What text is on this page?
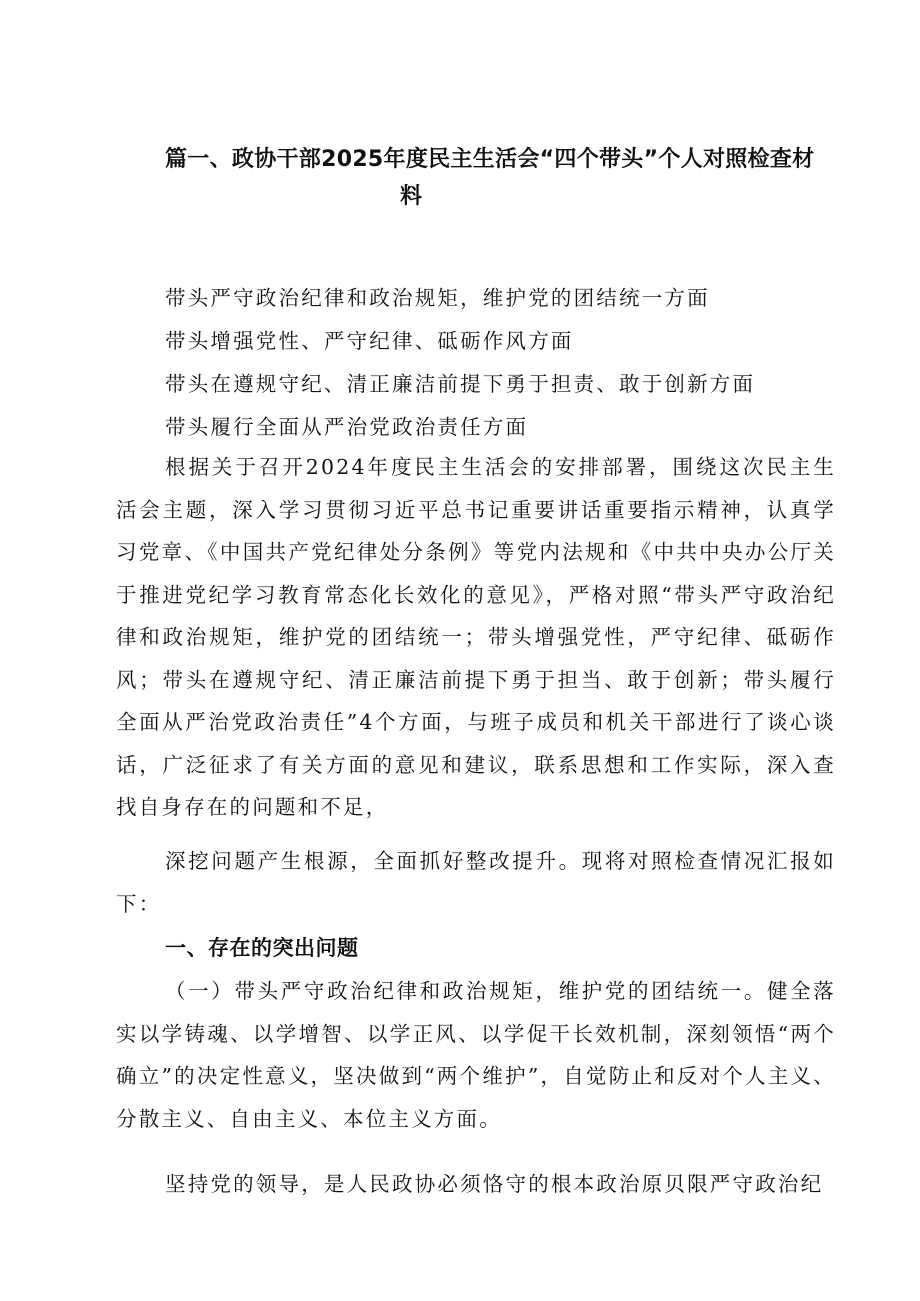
篇一、政协干部2025年度民主生活会“四个带头”个人对照检查材
料
带头严守政治纪律和政治规矩，维护党的团结统一方面
带头增强党性、严守纪律、砥砺作风方面
带头在遵规守纪、清正廉洁前提下勇于担责、敢于创新方面
带头履行全面从严治党政治责任方面

根据关于召开2024年度民主生活会的安排部署，围绕这次民主生活会主题，深入学习贯彻习近平总书记重要讲话重要指示精神，认真学习党章、《中国共产党纪律处分条例》等党内法规和《中共中央办公厅关于推进党纪学习教育常态化长效化的意见》，严格对照“带头严守政治纪律和政治规矩，维护党的团结统一；带头增强党性，严守纪律、砥砺作风；带头在遵规守纪、清正廉洁前提下勇于担当、敢于创新；带头履行全面从严治党政治责任”4个方面，与班子成员和机关干部进行了谈心谈话，广泛征求了有关方面的意见和建议，联系思想和工作实际，深入查找自身存在的问题和不足，

深挖问题产生根源，全面抓好整改提升。现将对照检查情况汇报如下：

一、存在的突出问题

（一）带头严守政治纪律和政治规矩，维护党的团结统一。健全落实以学铸魂、以学增智、以学正风、以学促干长效机制，深刻领悟“两个确立”的决定性意义，坚决做到“两个维护”，自觉防止和反对个人主义、分散主义、自由主义、本位主义方面。

坚持党的领导，是人民政协必须恪守的根本政治原贝限严守政治纪
